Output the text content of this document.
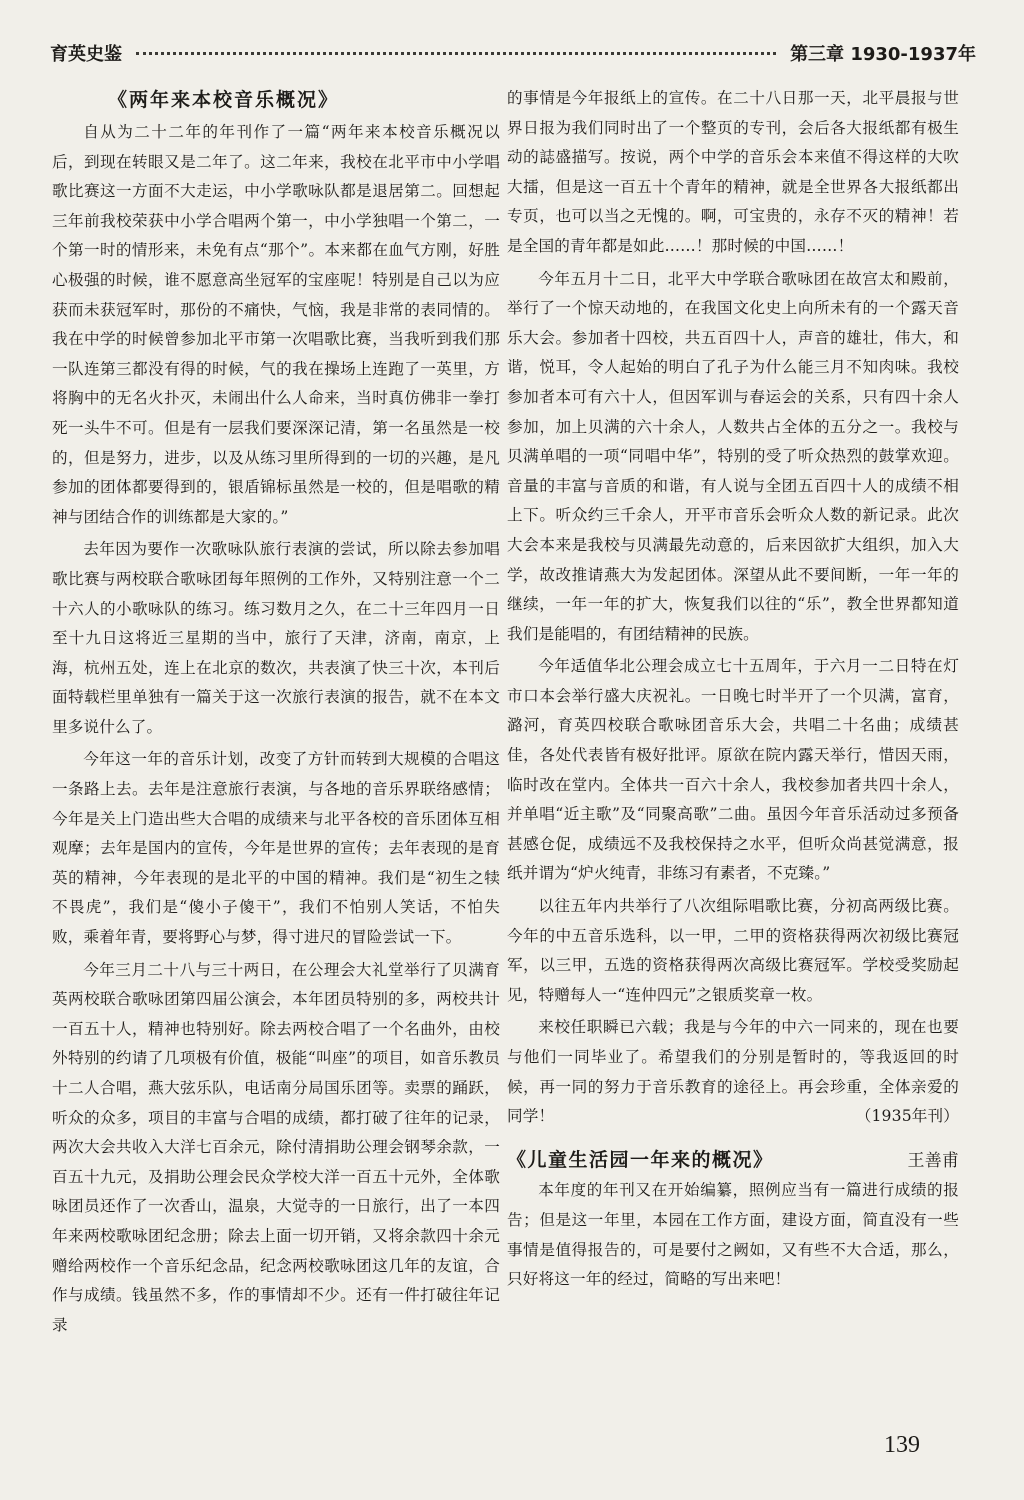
育英史鉴	第三章 1930-1937年
《两年来本校音乐概况》

自从为二十二年的年刊作了一篇“两年来本校音乐概况以后，到现在转眼又是二年了。这二年来，我校在北平市中小学唱歌比赛这一方面不大走运，中小学歌咏队都是退居第二。回想起三年前我校荣获中小学合唱两个第一，中小学独唱一个第二，一个第一时的情形来，未免有点“那个”。本来都在血气方刚，好胜心极强的时候，谁不愿意高坐冠军的宝座呢！特别是自己以为应获而未获冠军时，那份的不痛快，气恼，我是非常的表同情的。我在中学的时候曾参加北平市第一次唱歌比赛，当我听到我们那一队连第三都没有得的时候，气的我在操场上连跑了一英里，方将胸中的无名火扑灭，未闹出什么人命来，当时真仿佛非一拳打死一头牛不可。但是有一层我们要深深记清，第一名虽然是一校的，但是努力，进步，以及从练习里所得到的一切的兴趣，是凡参加的团体都要得到的，银盾锦标虽然是一校的，但是唱歌的精神与团结合作的训练都是大家的。”

去年因为要作一次歌咏队旅行表演的尝试，所以除去参加唱歌比赛与两校联合歌咏团每年照例的工作外，又特别注意一个二十六人的小歌咏队的练习。练习数月之久，在二十三年四月一日至十九日这将近三星期的当中，旅行了天津，济南，南京，上海，杭州五处，连上在北京的数次，共表演了快三十次，本刊后面特载栏里单独有一篇关于这一次旅行表演的报告，就不在本文里多说什么了。

今年这一年的音乐计划，改变了方针而转到大规模的合唱这一条路上去。去年是注意旅行表演，与各地的音乐界联络感情；今年是关上门造出些大合唱的成绩来与北平各校的音乐团体互相观摩；去年是国内的宣传，今年是世界的宣传；去年表现的是育英的精神，今年表现的是北平的中国的精神。我们是“初生之犊不畏虎”，我们是“傻小子傻干”，我们不怕别人笑话，不怕失败，乘着年青，要将野心与梦，得寸进尺的冒险尝试一下。

今年三月二十八与三十两日，在公理会大礼堂举行了贝满育英两校联合歌咏团第四届公演会，本年团员特别的多，两校共计一百五十人，精神也特别好。除去两校合唱了一个名曲外，由校外特别的约请了几项极有价值，极能“叫座”的项目，如音乐教员十二人合唱，燕大弦乐队，电话南分局国乐团等。卖票的踊跃，听众的众多，项目的丰富与合唱的成绩，都打破了往年的记录，两次大会共收入大洋七百余元，除付清捐助公理会钢琴余款，一百五十九元，及捐助公理会民众学校大洋一百五十元外，全体歌咏团员还作了一次香山，温泉，大觉寺的一日旅行，出了一本四年来两校歌咏团纪念册；除去上面一切开销，又将余款四十余元赠给两校作一个音乐纪念品，纪念两校歌咏团这几年的友谊，合作与成绩。钱虽然不多，作的事情却不少。还有一件打破往年记录

的事情是今年报纸上的宣传。在二十八日那一天，北平晨报与世界日报为我们同时出了一个整页的专刊，会后各大报纸都有极生动的誌盛描写。按说，两个中学的音乐会本来值不得这样的大吹大擂，但是这一百五十个青年的精神，就是全世界各大报纸都出专页，也可以当之无愧的。啊，可宝贵的，永存不灭的精神！若是全国的青年都是如此……！那时候的中国……！

今年五月十二日，北平大中学联合歌咏团在故宫太和殿前，举行了一个惊天动地的，在我国文化史上向所未有的一个露天音乐大会。参加者十四校，共五百四十人，声音的雄壮，伟大，和谐，悦耳，令人起始的明白了孔子为什么能三月不知肉味。我校参加者本可有六十人，但因军训与春运会的关系，只有四十余人参加，加上贝满的六十余人，人数共占全体的五分之一。我校与贝满单唱的一项“同唱中华”，特别的受了听众热烈的鼓掌欢迎。音量的丰富与音质的和谐，有人说与全团五百四十人的成绩不相上下。听众约三千余人，开平市音乐会听众人数的新记录。此次大会本来是我校与贝满最先动意的，后来因欲扩大组织，加入大学，故改推请燕大为发起团体。深望从此不要间断，一年一年的继续，一年一年的扩大，恢复我们以往的“乐”，教全世界都知道我们是能唱的，有团结精神的民族。

今年适值华北公理会成立七十五周年，于六月一二日特在灯市口本会举行盛大庆祝礼。一日晚七时半开了一个贝满，富育，潞河，育英四校联合歌咏团音乐大会，共唱二十名曲；成绩甚佳，各处代表皆有极好批评。原欲在院内露天举行，惜因天雨，临时改在堂内。全体共一百六十余人，我校参加者共四十余人，并单唱“近主歌”及“同聚高歌”二曲。虽因今年音乐活动过多预备甚感仓促，成绩远不及我校保持之水平，但听众尚甚觉满意，报纸并谓为“炉火纯青，非练习有素者，不克臻。”

以往五年内共举行了八次组际唱歌比赛，分初高两级比赛。今年的中五音乐选科，以一甲，二甲的资格获得两次初级比赛冠军，以三甲，五选的资格获得两次高级比赛冠军。学校受奖励起见，特赠每人一“连仲四元”之银质奖章一枚。

来校任职瞬已六载；我是与今年的中六一同来的，现在也要与他们一同毕业了。希望我们的分别是暂时的，等我返回的时候，再一同的努力于音乐教育的途径上。再会珍重，全体亲爱的同学！	（1935年刊）

《儿童生活园一年来的概况》	王善甫

本年度的年刊又在开始编纂，照例应当有一篇进行成绩的报告；但是这一年里，本园在工作方面，建设方面，简直没有一些事情是值得报告的，可是要付之阙如，又有些不大合适，那么，只好将这一年的经过，简略的写出来吧！

139
